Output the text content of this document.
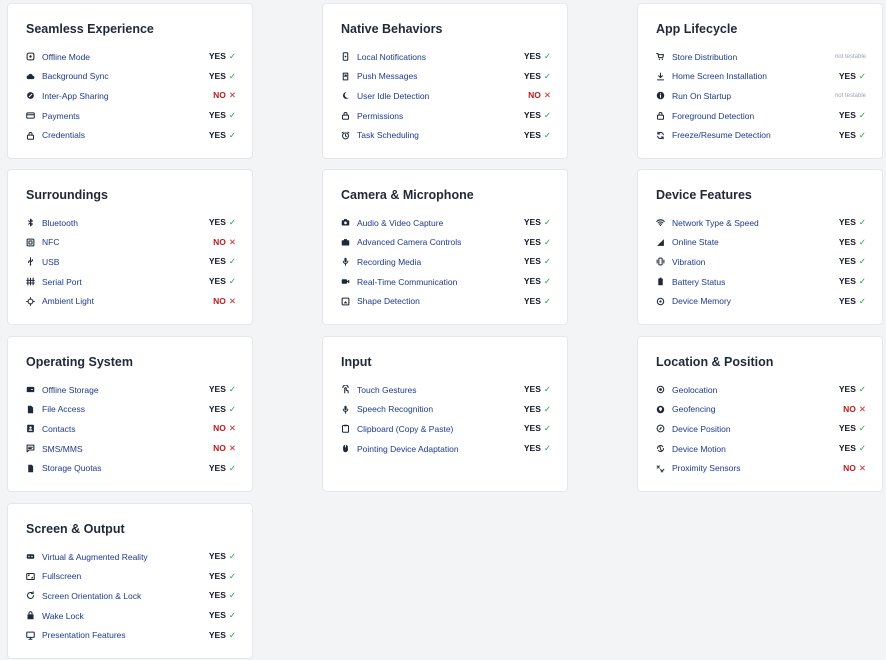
Seamless Experience
Offline Mode	YES ✓
Background Sync	YES ✓
Inter-App Sharing	NO ✕
Payments	YES ✓
Credentials	YES ✓
Native Behaviors
Local Notifications	YES ✓
Push Messages	YES ✓
User Idle Detection	NO ✕
Permissions	YES ✓
Task Scheduling	YES ✓
App Lifecycle
Store Distribution	not testable
Home Screen Installation	YES ✓
Run On Startup	not testable
Foreground Detection	YES ✓
Freeze/Resume Detection	YES ✓
Surroundings
Bluetooth	YES ✓
NFC	NO ✕
USB	YES ✓
Serial Port	YES ✓
Ambient Light	NO ✕
Camera & Microphone
Audio & Video Capture	YES ✓
Advanced Camera Controls	YES ✓
Recording Media	YES ✓
Real-Time Communication	YES ✓
Shape Detection	YES ✓
Device Features
Network Type & Speed	YES ✓
Online State	YES ✓
Vibration	YES ✓
Battery Status	YES ✓
Device Memory	YES ✓
Operating System
Offline Storage	YES ✓
File Access	YES ✓
Contacts	NO ✕
SMS/MMS	NO ✕
Storage Quotas	YES ✓
Input
Touch Gestures	YES ✓
Speech Recognition	YES ✓
Clipboard (Copy & Paste)	YES ✓
Pointing Device Adaptation	YES ✓
Location & Position
Geolocation	YES ✓
Geofencing	NO ✕
Device Position	YES ✓
Device Motion	YES ✓
Proximity Sensors	NO ✕
Screen & Output
Virtual & Augmented Reality	YES ✓
Fullscreen	YES ✓
Screen Orientation & Lock	YES ✓
Wake Lock	YES ✓
Presentation Features	YES ✓
